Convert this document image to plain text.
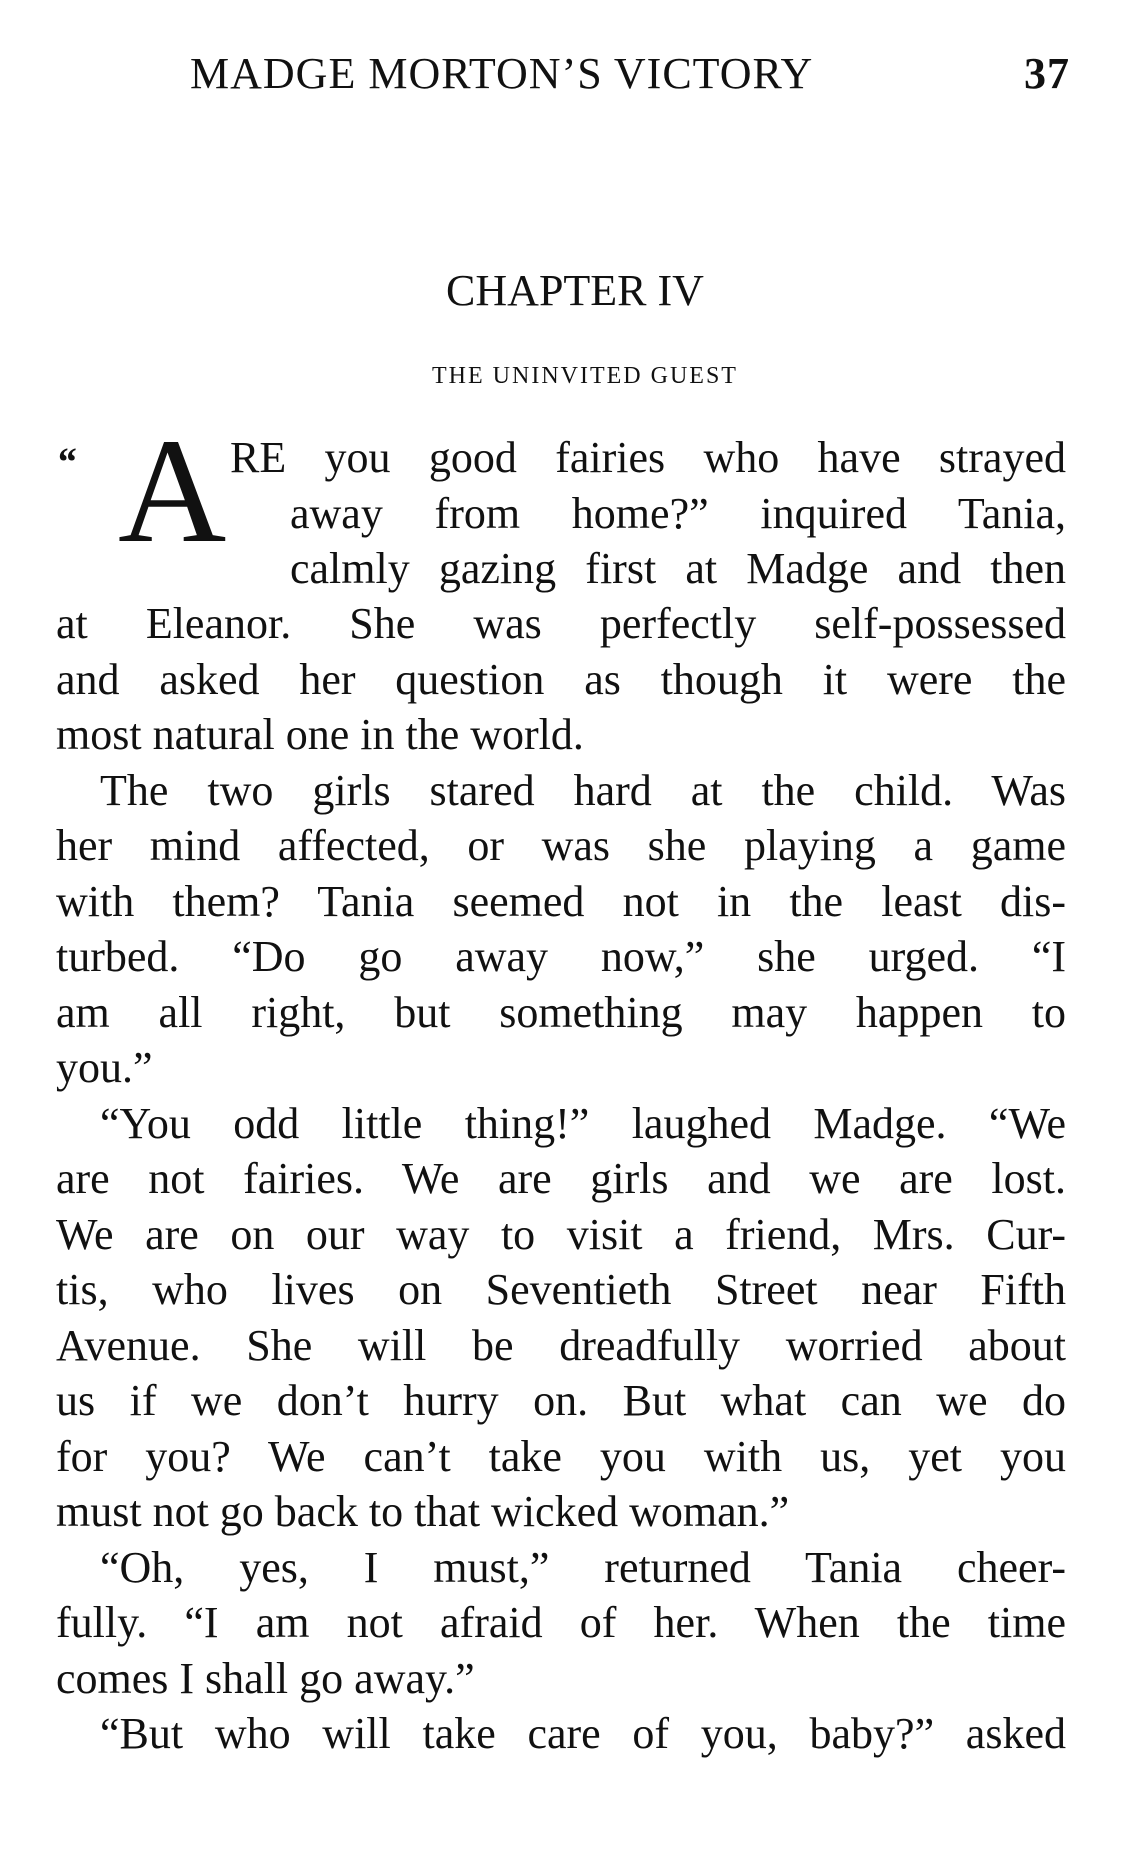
MADGE MORTON’S VICTORY	37
CHAPTER IV
THE UNINVITED GUEST
“ A RE you good fairies who have strayed
away from home?” inquired Tania,
calmly gazing first at Madge and then
at Eleanor. She was perfectly self-possessed
and asked her question as though it were the
most natural one in the world.
The two girls stared hard at the child. Was
her mind affected, or was she playing a game
with them? Tania seemed not in the least dis-
turbed. “Do go away now,” she urged. “I
am all right, but something may happen to
you.”
“You odd little thing!” laughed Madge. “We
are not fairies. We are girls and we are lost.
We are on our way to visit a friend, Mrs. Cur-
tis, who lives on Seventieth Street near Fifth
Avenue. She will be dreadfully worried about
us if we don’t hurry on. But what can we do
for you? We can’t take you with us, yet you
must not go back to that wicked woman.”
“Oh, yes, I must,” returned Tania cheer-
fully. “I am not afraid of her. When the time
comes I shall go away.”
“But who will take care of you, baby?” asked
